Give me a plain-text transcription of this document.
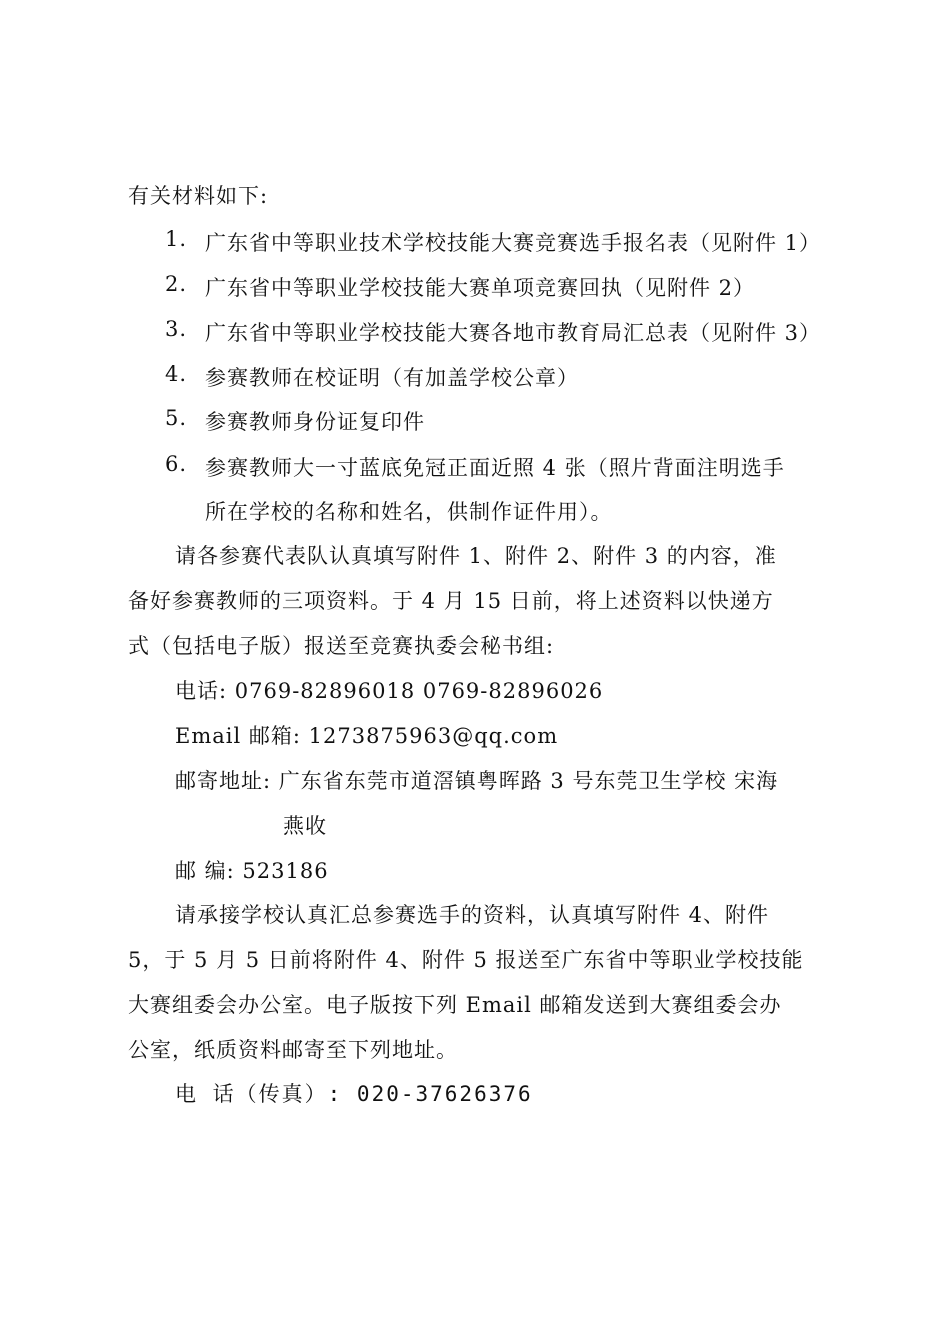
有关材料如下:
1. 广东省中等职业技术学校技能大赛竞赛选手报名表（见附件 1）
2. 广东省中等职业学校技能大赛单项竞赛回执（见附件 2）
3. 广东省中等职业学校技能大赛各地市教育局汇总表（见附件 3）
4. 参赛教师在校证明（有加盖学校公章）
5. 参赛教师身份证复印件
6. 参赛教师大一寸蓝底免冠正面近照 4 张（照片背面注明选手
所在学校的名称和姓名，供制作证件用）。
请各参赛代表队认真填写附件 1、附件 2、附件 3 的内容，准
备好参赛教师的三项资料。于 4 月 15 日前，将上述资料以快递方
式（包括电子版）报送至竞赛执委会秘书组:
电话: 0769-82896018 0769-82896026
Email 邮箱: 1273875963@qq.com
邮寄地址: 广东省东莞市道滘镇粤晖路 3 号东莞卫生学校 宋海
燕收
邮 编: 523186
请承接学校认真汇总参赛选手的资料，认真填写附件 4、附件
5，于 5 月 5 日前将附件 4、附件 5 报送至广东省中等职业学校技能
大赛组委会办公室。电子版按下列 Email 邮箱发送到大赛组委会办
公室，纸质资料邮寄至下列地址。
电 话（传真）: 020-37626376
